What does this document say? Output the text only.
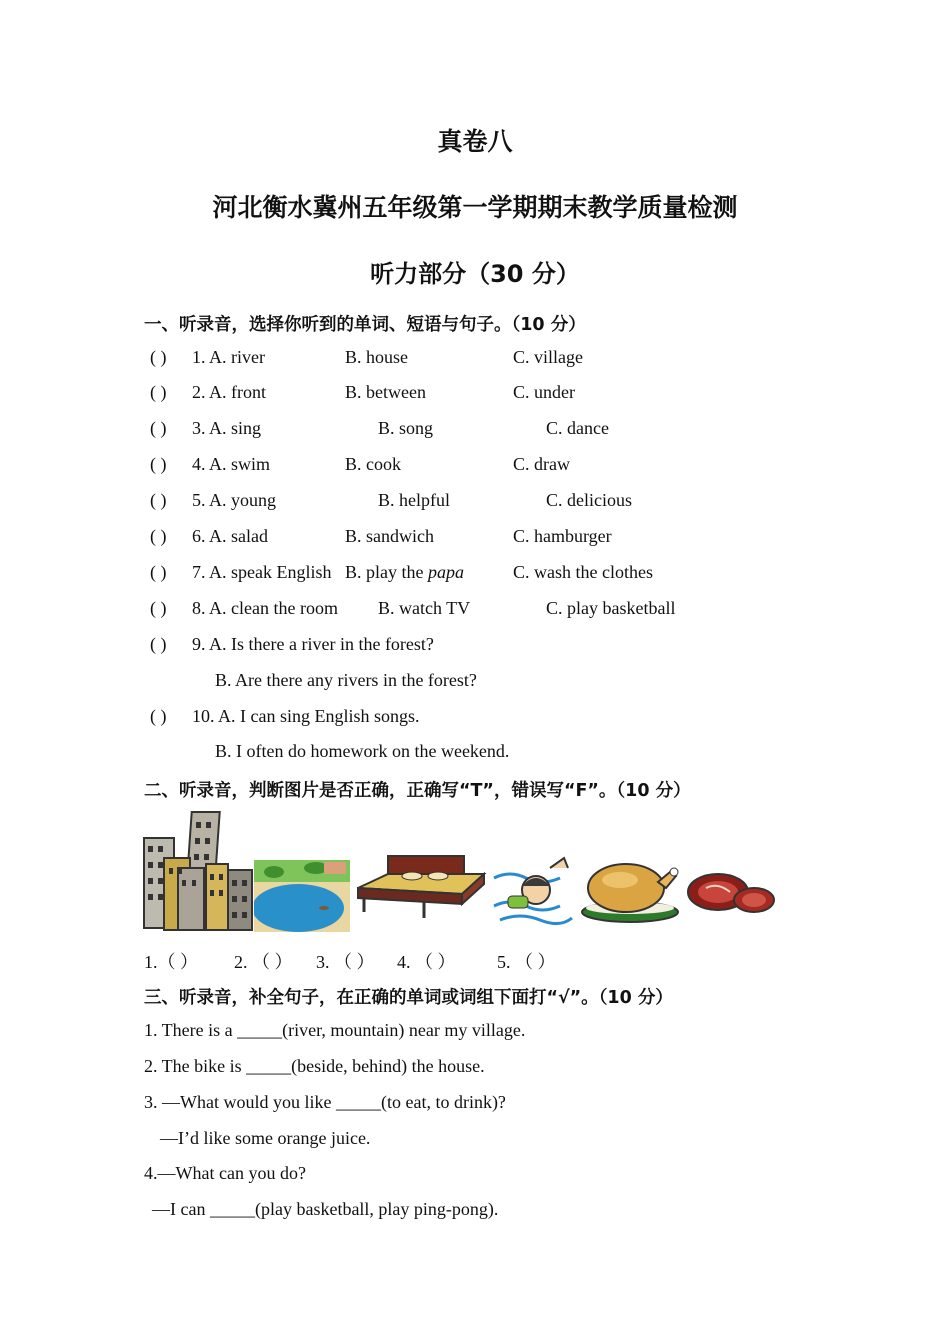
真卷八
河北衡水冀州五年级第一学期期末教学质量检测
听力部分（30 分）
一、听录音，选择你听到的单词、短语与句子。（10 分）
( ) 1. A. river	B. house	C. village
( ) 2. A. front	B. between	C. under
( ) 3. A. sing	B. song	C. dance
( ) 4. A. swim	B. cook	C. draw
( ) 5. A. young	B. helpful	C. delicious
( ) 6. A. salad	B. sandwich	C. hamburger
( ) 7. A. speak English B. play the papa	C. wash the clothes
( ) 8. A. clean the room B. watch TV	C. play basketball
( ) 9. A. Is there a river in the forest?
B. Are there any rivers in the forest?
( ) 10. A. I can sing English songs.
B. I often do homework on the weekend.
二、听录音，判断图片是否正确，正确写“T”，错误写“F”。（10 分）
1.（ ） 2. （ ） 3. （ ） 4. （ ） 5. （ ）
三、听录音，补全句子，在正确的单词或词组下面打“√”。（10 分）
1. There is a _____(river, mountain) near my village.
2. The bike is _____(beside, behind) the house.
3. —What would you like _____(to eat, to drink)?
—I’d like some orange juice.
4.—What can you do?
—I can _____(play basketball, play ping-pong).
